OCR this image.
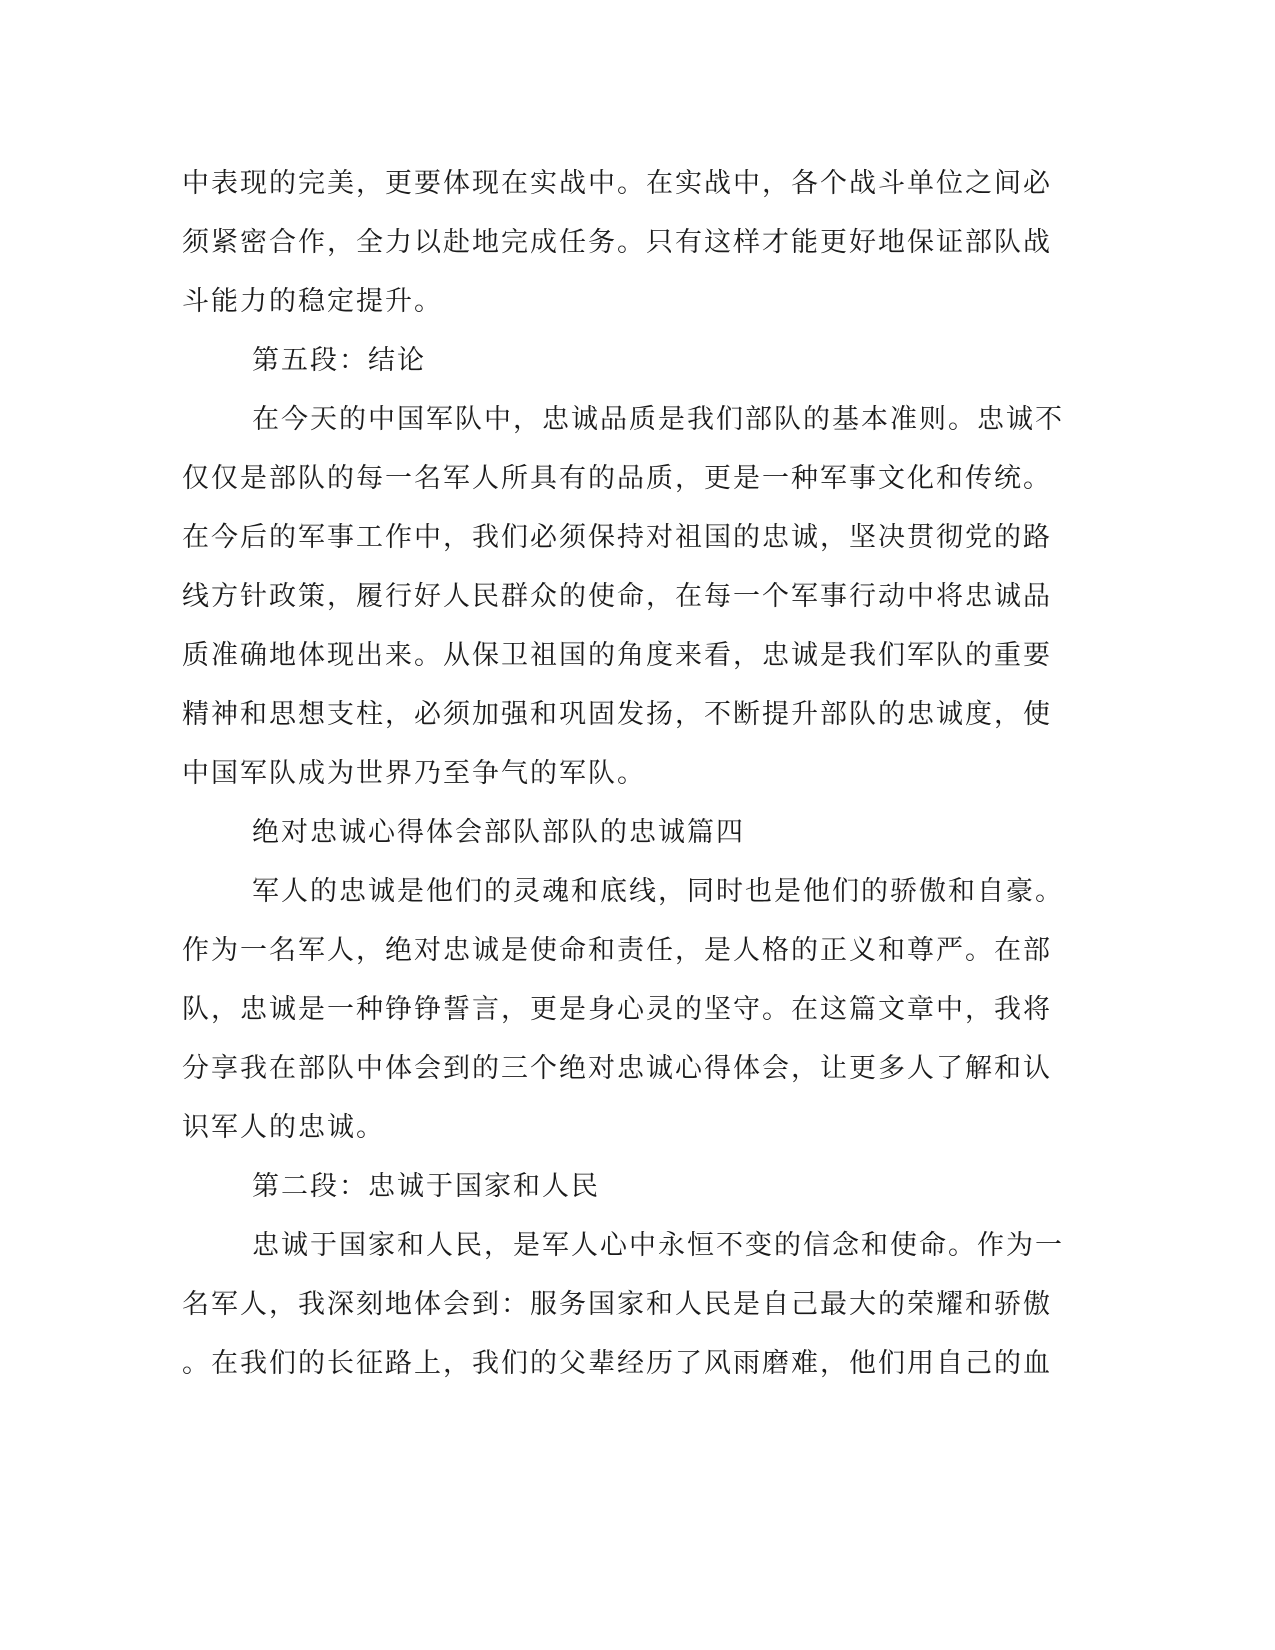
中表现的完美，更要体现在实战中。在实战中，各个战斗单位之间必
须紧密合作，全力以赴地完成任务。只有这样才能更好地保证部队战
斗能力的稳定提升。
第五段：结论
在今天的中国军队中，忠诚品质是我们部队的基本准则。忠诚不
仅仅是部队的每一名军人所具有的品质，更是一种军事文化和传统。
在今后的军事工作中，我们必须保持对祖国的忠诚，坚决贯彻党的路
线方针政策，履行好人民群众的使命，在每一个军事行动中将忠诚品
质准确地体现出来。从保卫祖国的角度来看，忠诚是我们军队的重要
精神和思想支柱，必须加强和巩固发扬，不断提升部队的忠诚度，使
中国军队成为世界乃至争气的军队。
绝对忠诚心得体会部队部队的忠诚篇四
军人的忠诚是他们的灵魂和底线，同时也是他们的骄傲和自豪。
作为一名军人，绝对忠诚是使命和责任，是人格的正义和尊严。在部
队，忠诚是一种铮铮誓言，更是身心灵的坚守。在这篇文章中，我将
分享我在部队中体会到的三个绝对忠诚心得体会，让更多人了解和认
识军人的忠诚。
第二段：忠诚于国家和人民
忠诚于国家和人民，是军人心中永恒不变的信念和使命。作为一
名军人，我深刻地体会到：服务国家和人民是自己最大的荣耀和骄傲
。在我们的长征路上，我们的父辈经历了风雨磨难，他们用自己的血
